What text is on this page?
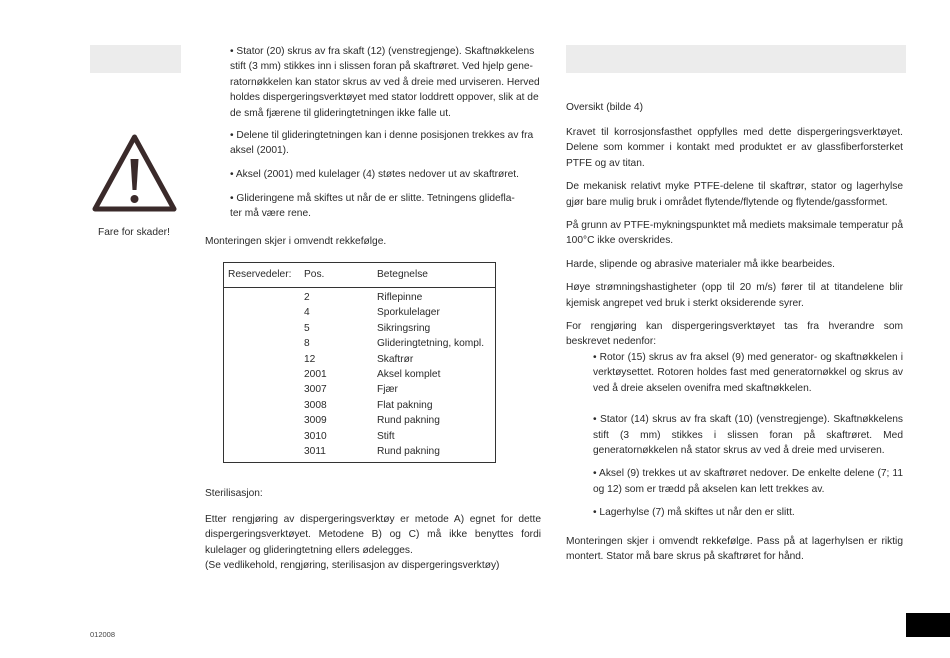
Fare for skader!

• Stator (20) skrus av fra skaft (12) (venstregjenge). Skaftnøkkelens
stift (3 mm) stikkes inn i slissen foran på skaftrøret. Ved hjelp gene-
ratornøkkelen kan stator skrus av ved å dreie med urviseren. Herved
holdes dispergeringsverktøyet med stator loddrett oppover, slik at de
de små fjærene til glideringtetningen ikke falle ut.

• Delene til glideringtetningen kan i denne posisjonen trekkes av fra
aksel (2001).

• Aksel (2001) med kulelager (4) støtes nedover ut av skaftrøret.

• Glideringene må skiftes ut når de er slitte. Tetningens glidefla-
ter må være rene.

Monteringen skjer i omvendt rekkefølge.
Reservedeler: Pos.	Betegnelse
2	Riflepinne
4	Sporkulelager
5	Sikringsring
8	Glideringtetning, kompl.
12	Skaftrør
2001	Aksel komplet
3007	Fjær
3008	Flat pakning
3009	Rund pakning
3010	Stift
3011	Rund pakning
Sterilisasjon:

Etter rengjøring av dispergeringsverktøy er metode A) egnet for dette dispergeringsverktøyet. Metodene B) og C) må ikke benyttes fordi kulelager og glideringtetning ellers ødelegges.

(Se vedlikehold, rengjøring, sterilisasjon av dispergeringsverktøy)

012008
Oversikt (bilde 4)

Kravet til korrosjonsfasthet oppfylles med dette dispergeringsverktøyet. Delene som kommer i kontakt med produktet er av glassfiberforsterket PTFE og av titan.

De mekanisk relativt myke PTFE-delene til skaftrør, stator og lagerhylse gjør bare mulig bruk i området flytende/flytende og flytende/gassformet.

På grunn av PTFE-mykningspunktet må mediets maksimale temperatur på 100°C ikke overskrides.

Harde, slipende og abrasive materialer må ikke bearbeides.

Høye strømningshastigheter (opp til 20 m/s) fører til at titandelene blir kjemisk angrepet ved bruk i sterkt oksiderende syrer.

For rengjøring kan dispergeringsverktøyet tas fra hverandre som beskrevet nedenfor:

• Rotor (15) skrus av fra aksel (9) med generator- og skaftnøkkelen i verktøysettet. Rotoren holdes fast med generatornøkkel og skrus av ved å dreie akselen ovenifra med skaftnøkkelen.

• Stator (14) skrus av fra skaft (10) (venstregjenge). Skaftnøkkelens stift (3 mm) stikkes i slissen foran på skaftrøret. Med generatornøkkelen nå stator skrus av ved å dreie med urviseren.

• Aksel (9) trekkes ut av skaftrøret nedover. De enkelte delene (7; 11 og 12) som er trædd på akselen kan lett trekkes av.

• Lagerhylse (7) må skiftes ut når den er slitt.

Monteringen skjer i omvendt rekkefølge. Pass på at lagerhylsen er riktig montert. Stator må bare skrus på skaftrøret for hånd.
